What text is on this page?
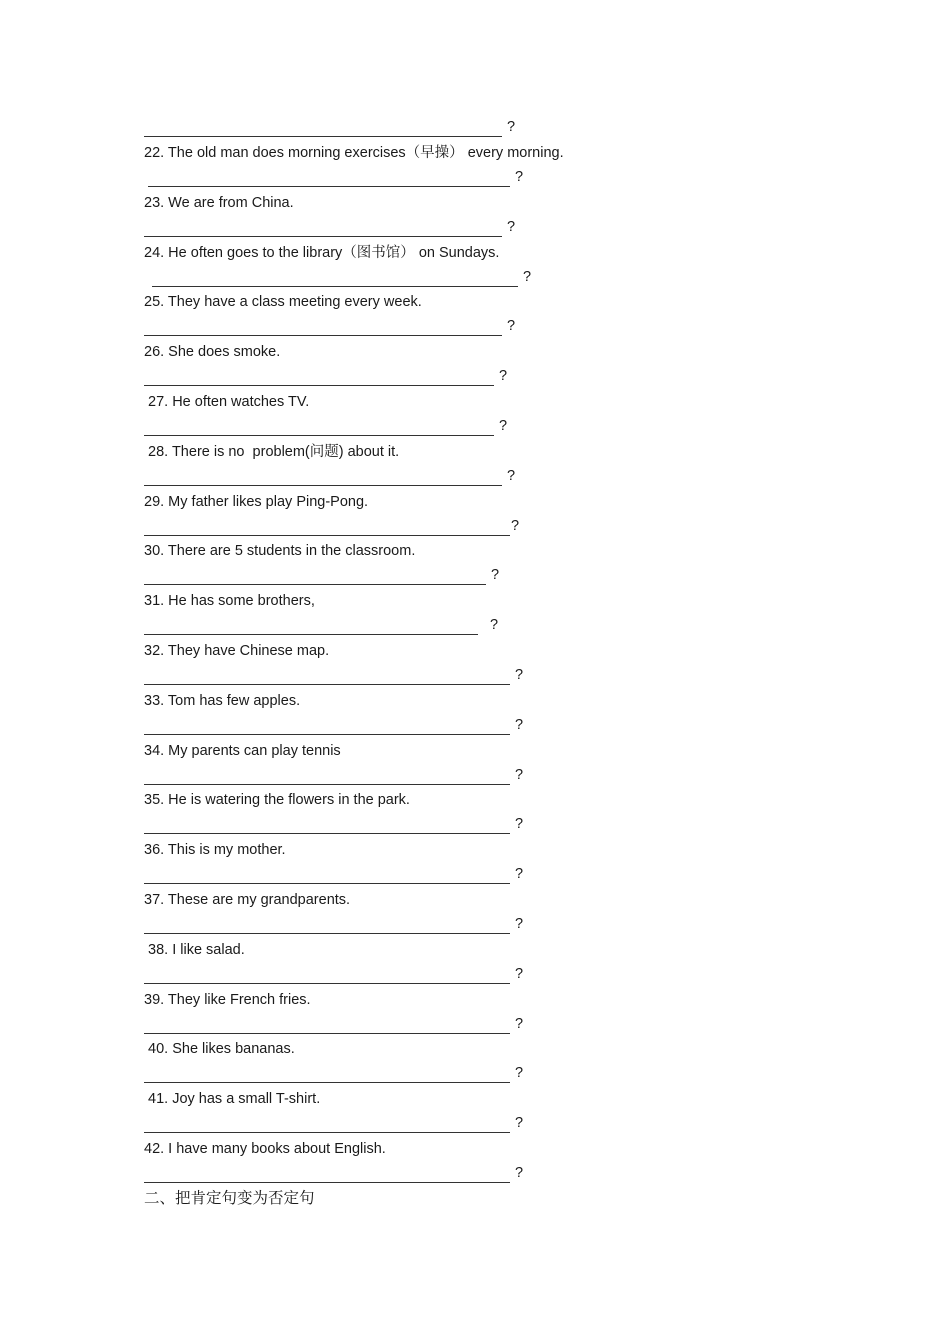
?
22. The old man does morning exercises（早操） every morning.
?
23. We are from China.
?
24. He often goes to the library（图书馆） on Sundays.
?
25. They have a class meeting every week.
?
26. She does smoke.
?
27. He often watches TV.
?
28. There is no  problem(问题) about it.
?
29. My father likes play Ping-Pong.
?
30. There are 5 students in the classroom.
?
31. He has some brothers,
?
32. They have Chinese map.
?
33. Tom has few apples.
?
34. My parents can play tennis
?
35. He is watering the flowers in the park.
?
36. This is my mother.
?
37. These are my grandparents.
?
38. I like salad.
?
39. They like French fries.
?
40. She likes bananas.
?
41. Joy has a small T-shirt.
?
42. I have many books about English.
?
二、把肯定句变为否定句
